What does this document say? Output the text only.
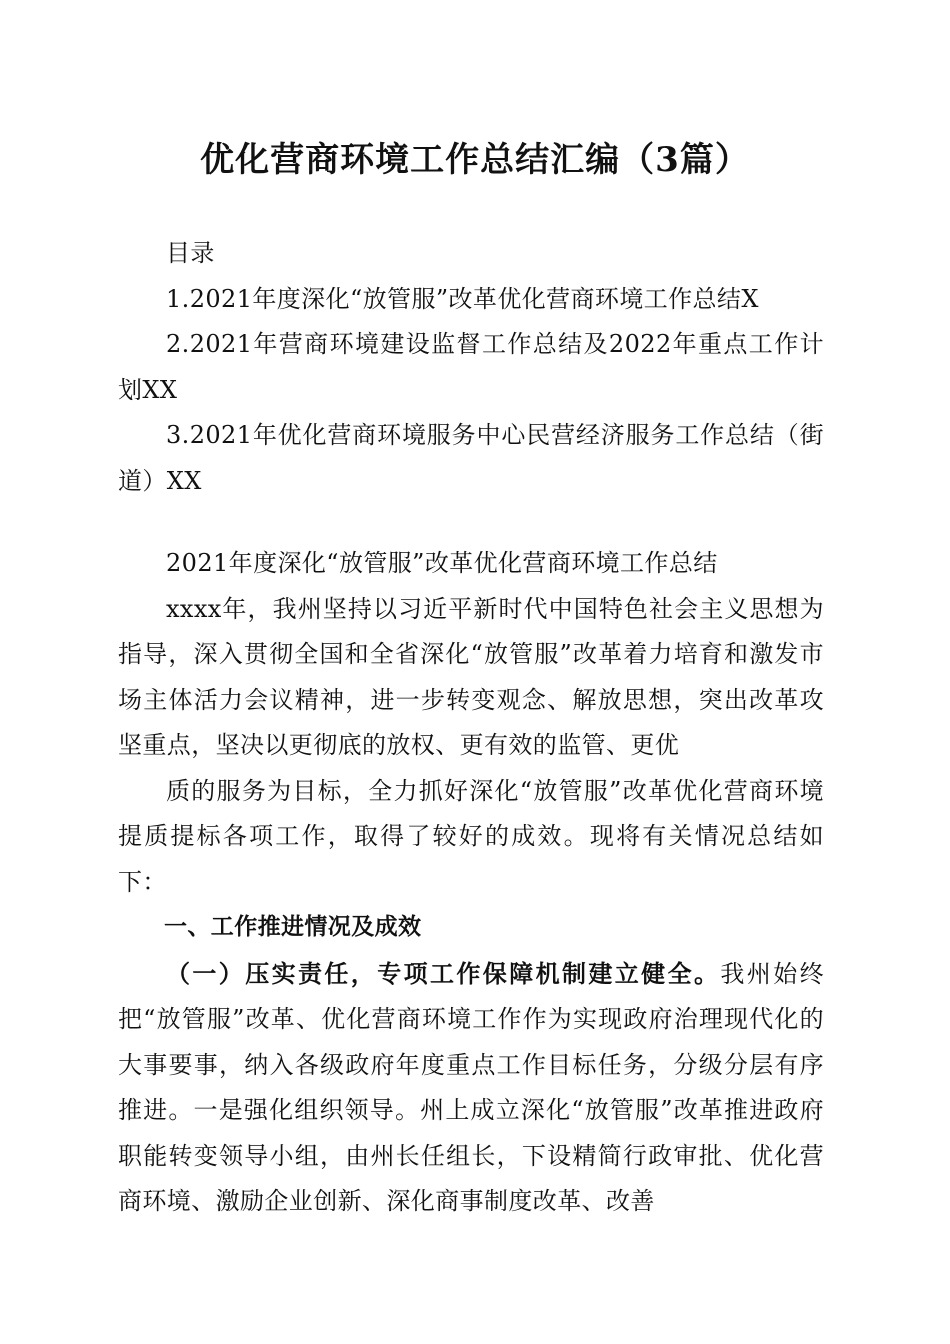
优化营商环境工作总结汇编（3篇）

目录

1.2021年度深化“放管服”改革优化营商环境工作总结X

2.2021年营商环境建设监督工作总结及2022年重点工作计划XX

3.2021年优化营商环境服务中心民营经济服务工作总结（街道）XX

2021年度深化“放管服”改革优化营商环境工作总结

xxxx年，我州坚持以习近平新时代中国特色社会主义思想为指导，深入贯彻全国和全省深化“放管服”改革着力培育和激发市场主体活力会议精神，进一步转变观念、解放思想，突出改革攻坚重点，坚决以更彻底的放权、更有效的监管、更优

质的服务为目标，全力抓好深化“放管服”改革优化营商环境提质提标各项工作，取得了较好的成效。现将有关情况总结如下：

一、工作推进情况及成效

（一）压实责任，专项工作保障机制建立健全。我州始终把“放管服”改革、优化营商环境工作作为实现政府治理现代化的大事要事，纳入各级政府年度重点工作目标任务，分级分层有序推进。一是强化组织领导。州上成立深化“放管服”改革推进政府职能转变领导小组，由州长任组长，下设精简行政审批、优化营商环境、激励企业创新、深化商事制度改革、改善
